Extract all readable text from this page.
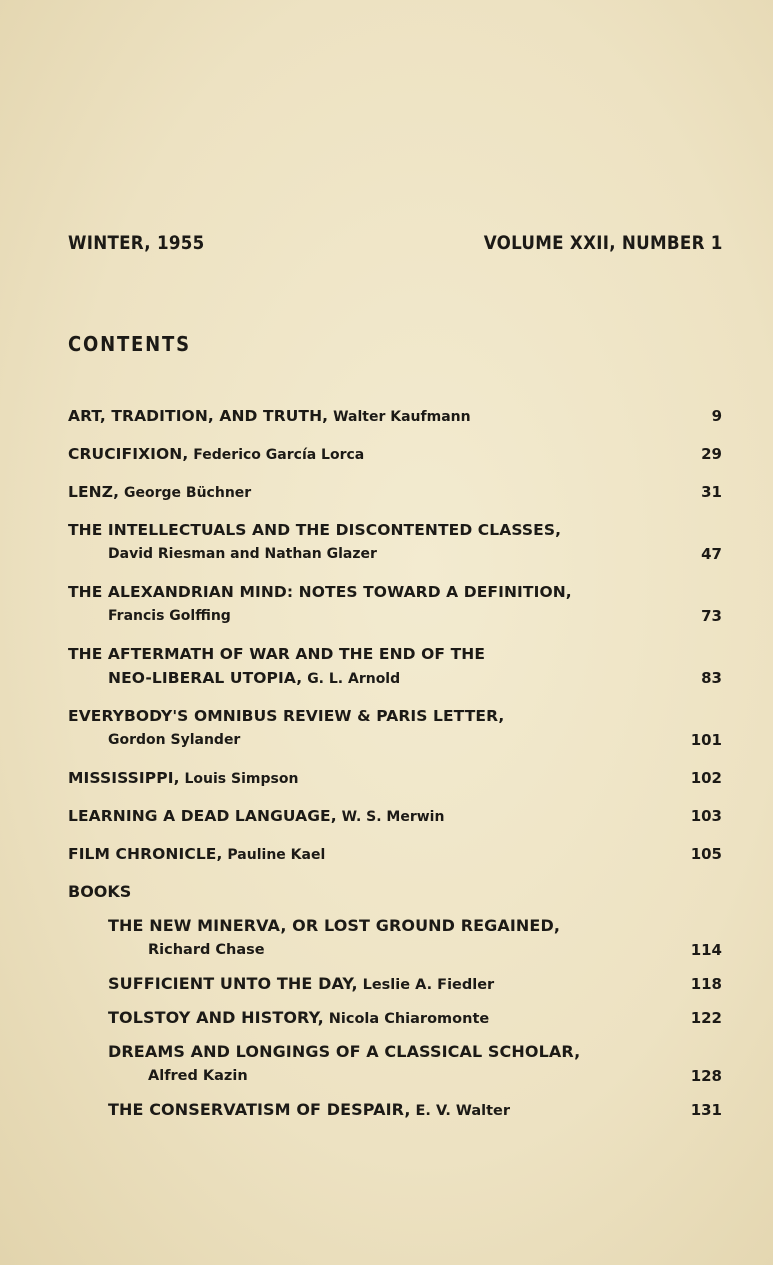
WINTER, 1955	VOLUME XXII, NUMBER 1
CONTENTS
ART, TRADITION, AND TRUTH, Walter Kaufmann	9
CRUCIFIXION, Federico García Lorca	29
LENZ, George Büchner	31
THE INTELLECTUALS AND THE DISCONTENTED CLASSES,
David Riesman and Nathan Glazer	47
THE ALEXANDRIAN MIND: NOTES TOWARD A DEFINITION,
Francis Golffing	73
THE AFTERMATH OF WAR AND THE END OF THE
NEO-LIBERAL UTOPIA, G. L. Arnold	83
EVERYBODY'S OMNIBUS REVIEW & PARIS LETTER,
Gordon Sylander	101
MISSISSIPPI, Louis Simpson	102
LEARNING A DEAD LANGUAGE, W. S. Merwin	103
FILM CHRONICLE, Pauline Kael	105
BOOKS
THE NEW MINERVA, OR LOST GROUND REGAINED,
Richard Chase	114
SUFFICIENT UNTO THE DAY, Leslie A. Fiedler	118
TOLSTOY AND HISTORY, Nicola Chiaromonte	122
DREAMS AND LONGINGS OF A CLASSICAL SCHOLAR,
Alfred Kazin	128
THE CONSERVATISM OF DESPAIR, E. V. Walter	131
